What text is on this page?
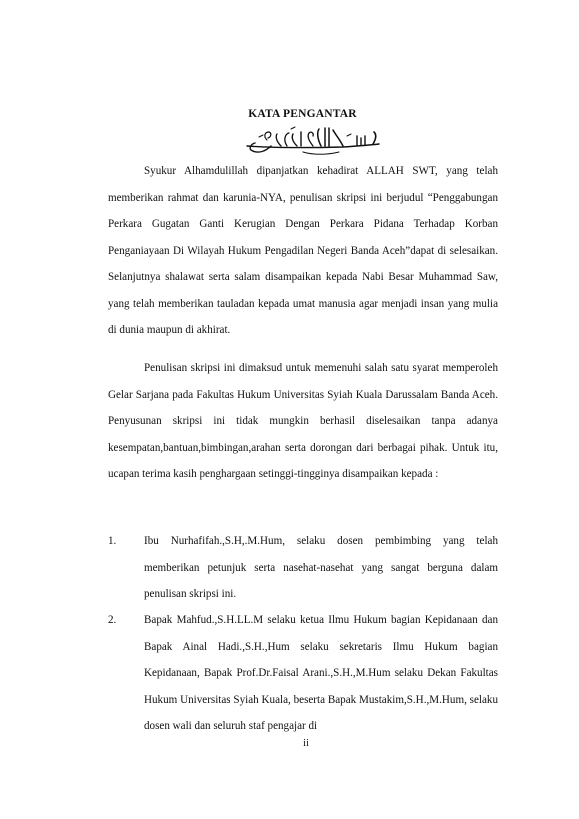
KATA PENGANTAR

Syukur Alhamdulillah dipanjatkan kehadirat ALLAH SWT, yang telah memberikan rahmat dan karunia-NYA, penulisan skripsi ini berjudul “Penggabungan Perkara Gugatan Ganti Kerugian Dengan Perkara Pidana Terhadap Korban Penganiayaan Di Wilayah Hukum Pengadilan Negeri Banda Aceh”dapat di selesaikan. Selanjutnya shalawat serta salam disampaikan kepada Nabi Besar Muhammad Saw, yang telah memberikan tauladan kepada umat manusia agar menjadi insan yang mulia di dunia maupun di akhirat.

Penulisan skripsi ini dimaksud untuk memenuhi salah satu syarat memperoleh Gelar Sarjana pada Fakultas Hukum Universitas Syiah Kuala Darussalam Banda Aceh. Penyusunan skripsi ini tidak mungkin berhasil diselesaikan tanpa adanya kesempatan,bantuan,bimbingan,arahan serta dorongan dari berbagai pihak. Untuk itu, ucapan terima kasih penghargaan setinggi-tingginya disampaikan kepada :

1.	Ibu Nurhafifah.,S.H,.M.Hum, selaku dosen pembimbing yang telah memberikan petunjuk serta nasehat-nasehat yang sangat berguna dalam penulisan skripsi ini.
2.	Bapak Mahfud.,S.H.LL.M selaku ketua Ilmu Hukum bagian Kepidanaan dan Bapak Ainal Hadi.,S.H.,Hum selaku sekretaris Ilmu Hukum bagian Kepidanaan, Bapak Prof.Dr.Faisal Arani.,S.H.,M.Hum selaku Dekan Fakultas Hukum Universitas Syiah Kuala, beserta Bapak Mustakim,S.H.,M.Hum, selaku dosen wali dan seluruh staf pengajar di
ii
